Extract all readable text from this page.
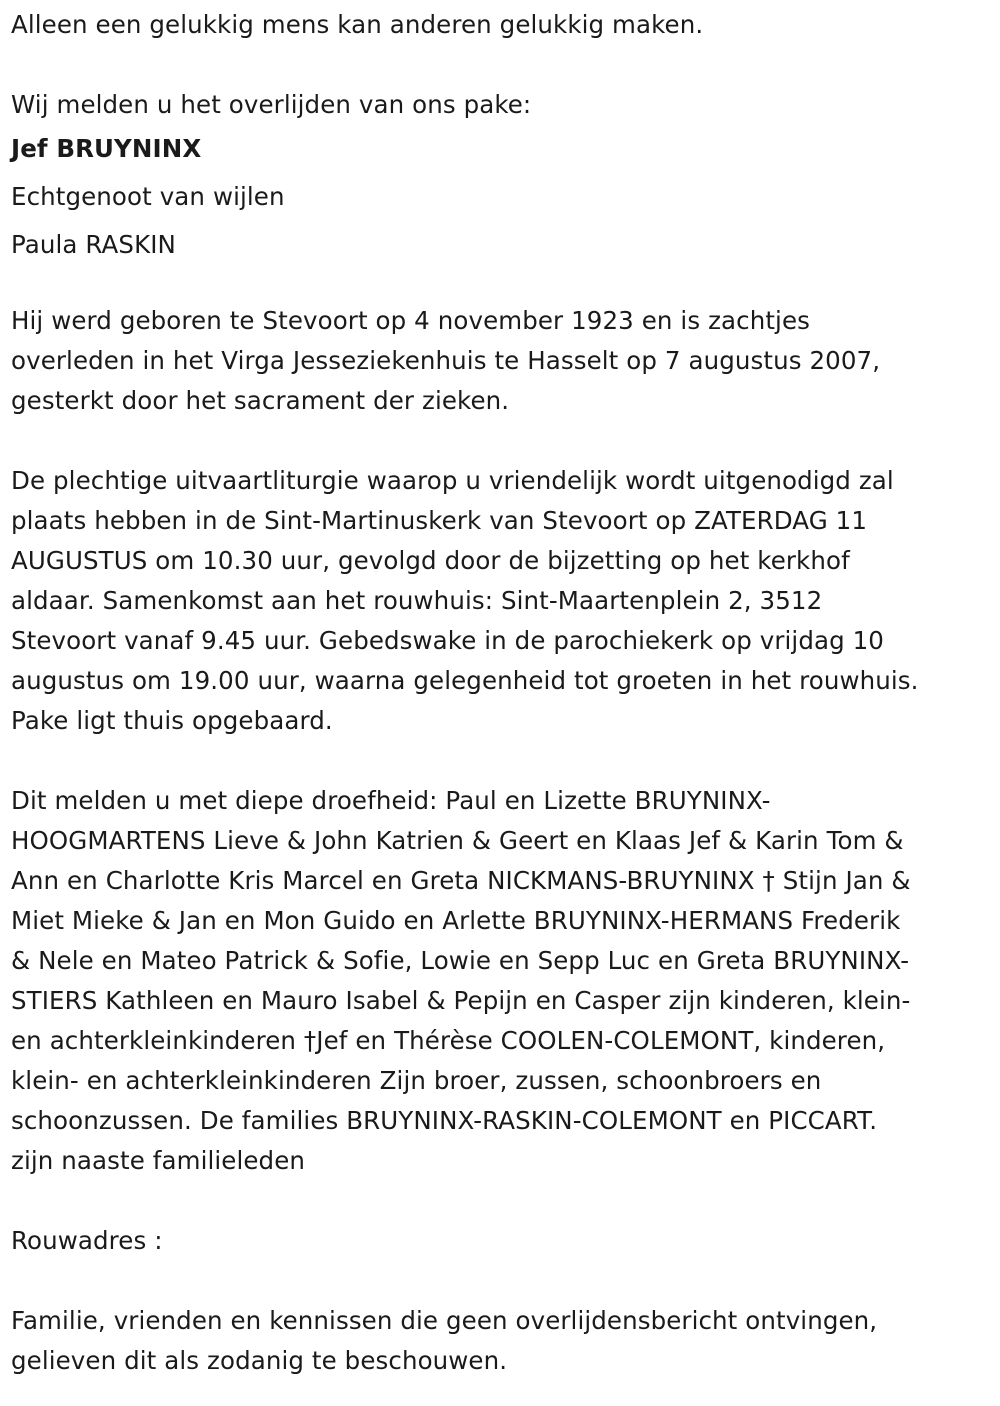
Alleen een gelukkig mens kan anderen gelukkig maken.

Wij melden u het overlijden van ons pake:

Jef BRUYNINX

Echtgenoot van wijlen

Paula RASKIN

Hij werd geboren te Stevoort op 4 november 1923 en is zachtjes

overleden in het Virga Jesseziekenhuis te Hasselt op 7 augustus 2007,

gesterkt door het sacrament der zieken.

De plechtige uitvaartliturgie waarop u vriendelijk wordt uitgenodigd zal

plaats hebben in de Sint-Martinuskerk van Stevoort op ZATERDAG 11

AUGUSTUS om 10.30 uur, gevolgd door de bijzetting op het kerkhof

aldaar. Samenkomst aan het rouwhuis: Sint-Maartenplein 2, 3512

Stevoort vanaf 9.45 uur. Gebedswake in de parochiekerk op vrijdag 10

augustus om 19.00 uur, waarna gelegenheid tot groeten in het rouwhuis.

Pake ligt thuis opgebaard.

Dit melden u met diepe droefheid: Paul en Lizette BRUYNINX-

HOOGMARTENS Lieve & John Katrien & Geert en Klaas Jef & Karin Tom &

Ann en Charlotte Kris Marcel en Greta NICKMANS-BRUYNINX † Stijn Jan &

Miet Mieke & Jan en Mon Guido en Arlette BRUYNINX-HERMANS Frederik

& Nele en Mateo Patrick & Sofie, Lowie en Sepp Luc en Greta BRUYNINX-

STIERS Kathleen en Mauro Isabel & Pepijn en Casper zijn kinderen, klein-

en achterkleinkinderen †Jef en Thérèse COOLEN-COLEMONT, kinderen,

klein- en achterkleinkinderen Zijn broer, zussen, schoonbroers en

schoonzussen. De families BRUYNINX-RASKIN-COLEMONT en PICCART.

zijn naaste familieleden

Rouwadres :

Familie, vrienden en kennissen die geen overlijdensbericht ontvingen,

gelieven dit als zodanig te beschouwen.
